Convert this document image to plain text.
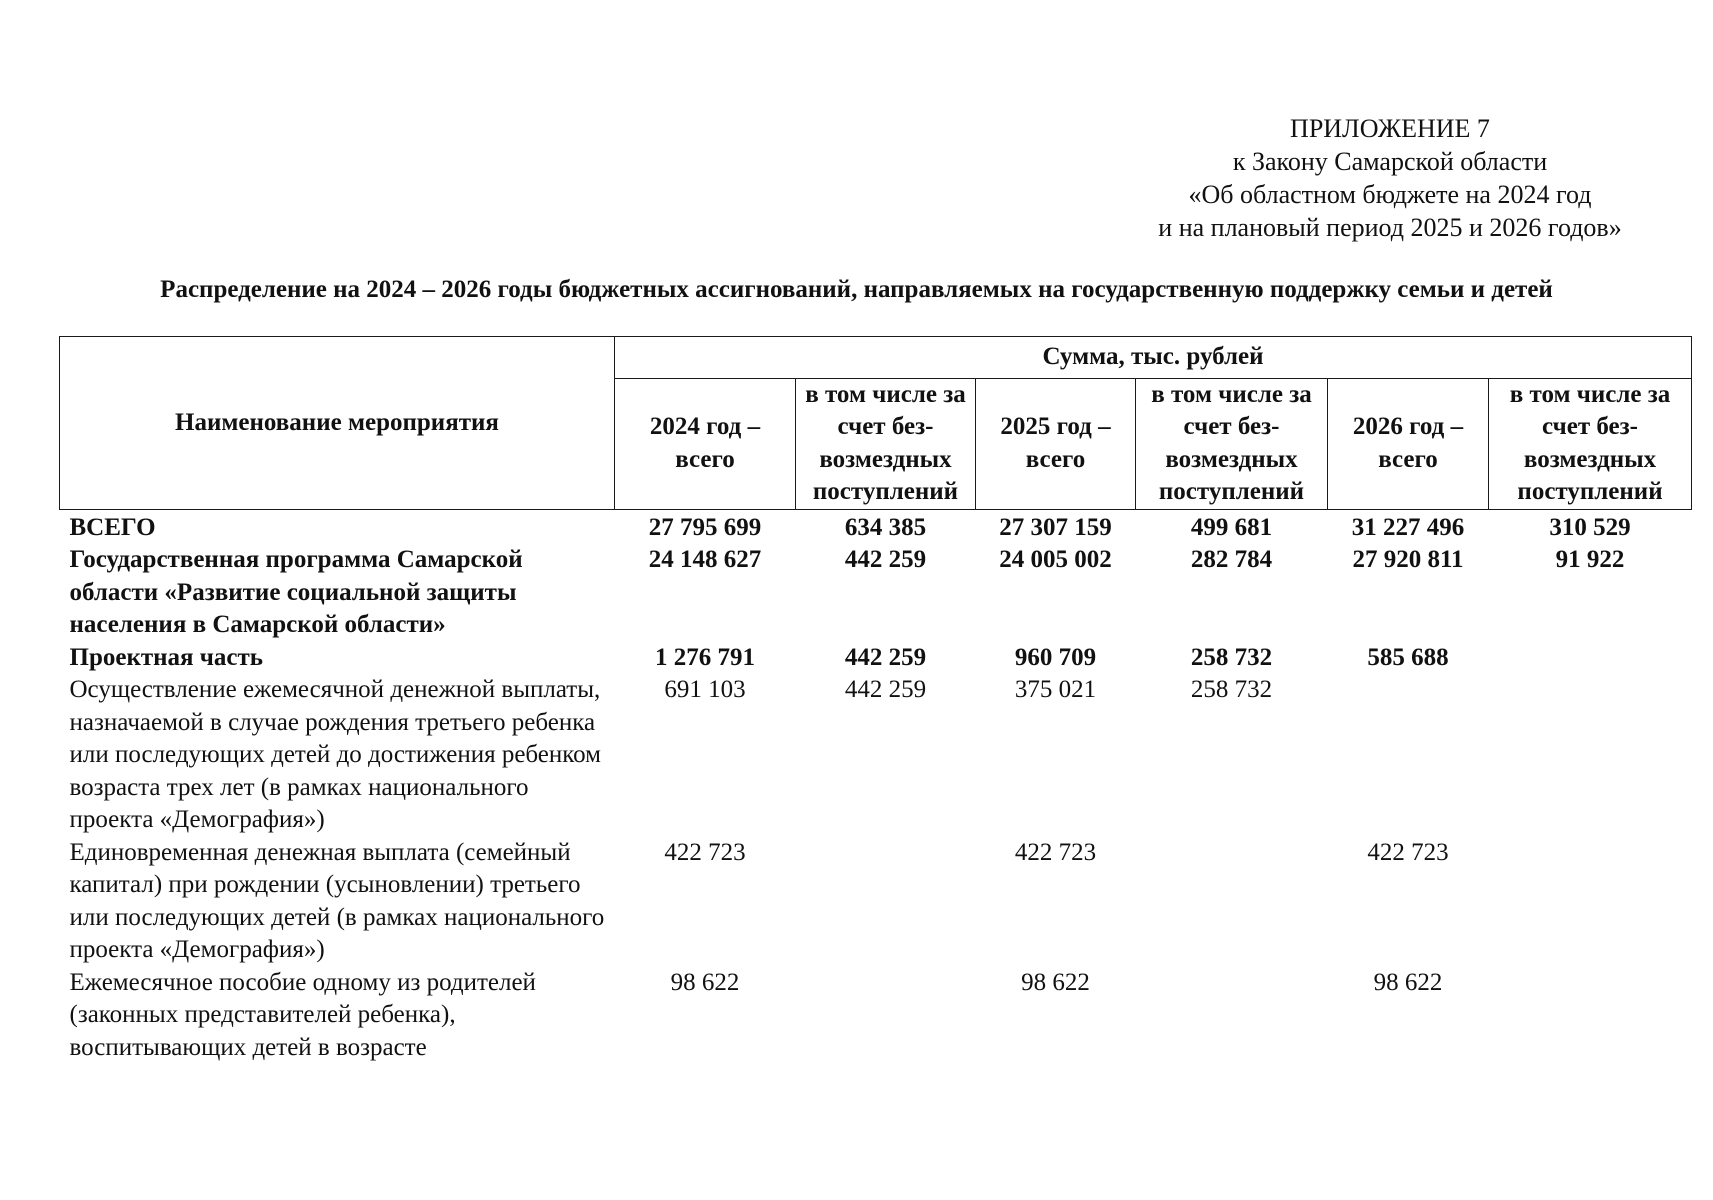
ПРИЛОЖЕНИЕ 7
к Закону Самарской области
«Об областном бюджете на 2024 год
и на плановый период 2025 и 2026 годов»
Распределение на 2024 – 2026 годы бюджетных ассигнований, направляемых на государственную поддержку семьи и детей
Наименование мероприятия	Сумма, тыс. рублей					
	2024 год – всего	в том числе за счет без-возмездных поступлений	2025 год – всего	в том числе за счет без-возмездных поступлений	2026 год – всего	в том числе за счет без-возмездных поступлений
ВСЕГО	27 795 699	634 385	27 307 159	499 681	31 227 496	310 529
Государственная программа Самарской области «Развитие социальной защиты населения в Самарской области»	24 148 627	442 259	24 005 002	282 784	27 920 811	91 922
Проектная часть	1 276 791	442 259	960 709	258 732	585 688	
Осуществление ежемесячной денежной выплаты, назначаемой в случае рождения третьего ребенка или последующих детей до достижения ребенком возраста трех лет (в рамках национального проекта «Демография»)	691 103	442 259	375 021	258 732		
Единовременная денежная выплата (семейный капитал) при рождении (усыновлении) третьего или последующих детей (в рамках национального проекта «Демография»)	422 723		422 723		422 723	
Ежемесячное пособие одному из родителей (законных представителей ребенка), воспитывающих детей в возрасте	98 622		98 622		98 622	
